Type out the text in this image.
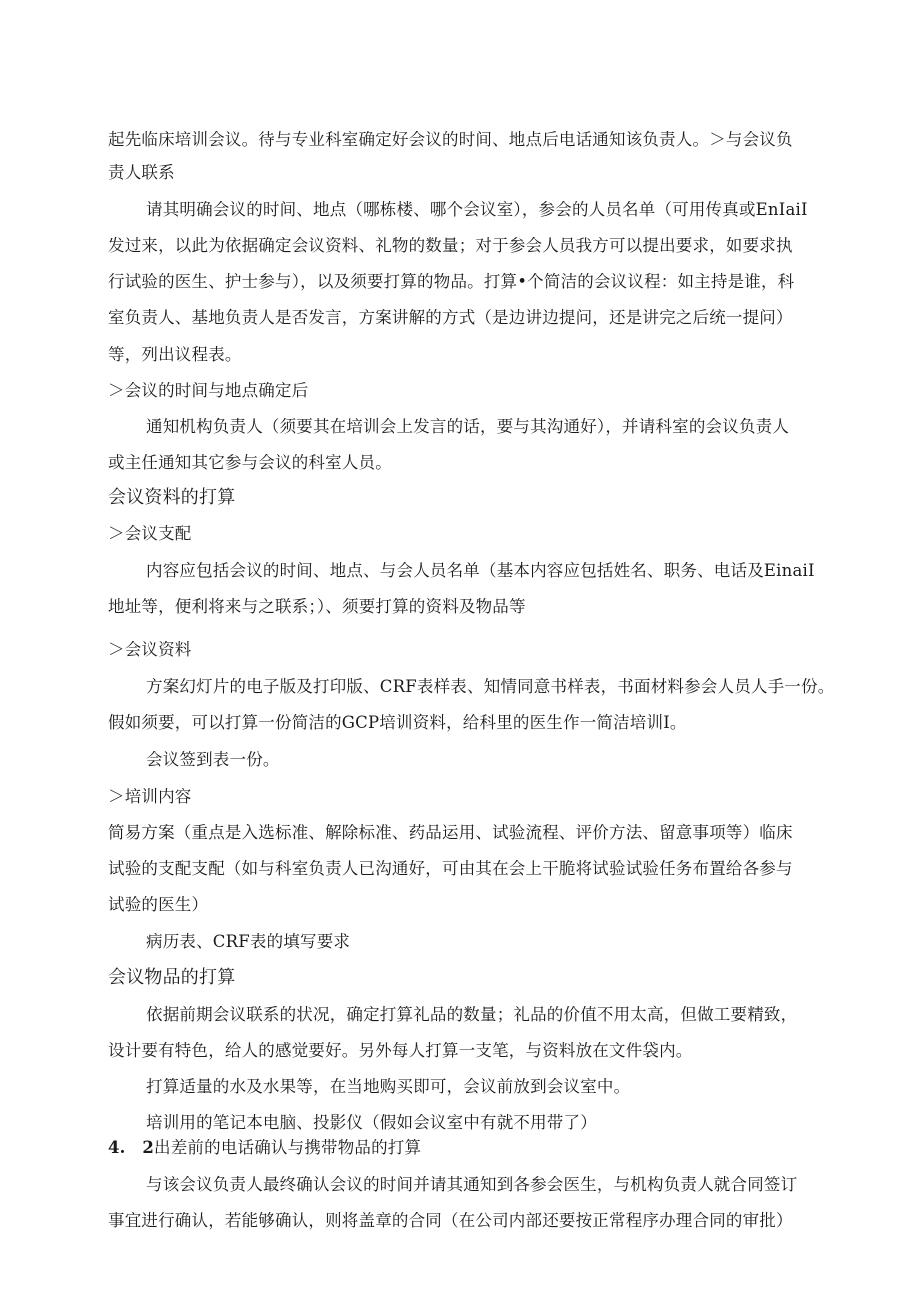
起先临床培训会议。待与专业科室确定好会议的时间、地点后电话通知该负责人。＞与会议负
责人联系
请其明确会议的时间、地点（哪栋楼、哪个会议室），参会的人员名单（可用传真或EnIaiI
发过来，以此为依据确定会议资料、礼物的数量；对于参会人员我方可以提出要求，如要求执
行试验的医生、护士参与），以及须要打算的物品。打算•个简洁的会议议程：如主持是谁，科
室负责人、基地负责人是否发言，方案讲解的方式（是边讲边提问，还是讲完之后统一提问）
等，列出议程表。
＞会议的时间与地点确定后
通知机构负责人（须要其在培训会上发言的话，要与其沟通好），并请科室的会议负责人
或主任通知其它参与会议的科室人员。
会议资料的打算
＞会议支配
内容应包括会议的时间、地点、与会人员名单（基本内容应包括姓名、职务、电话及EinaiI
地址等，便利将来与之联系；）、须要打算的资料及物品等
＞会议资料
方案幻灯片的电子版及打印版、CRF表样表、知情同意书样表，书面材料参会人员人手一份。
假如须要，可以打算一份简洁的GCP培训资料，给科里的医生作一简洁培训I。
会议签到表一份。
＞培训内容
简易方案（重点是入选标准、解除标准、药品运用、试验流程、评价方法、留意事项等）临床
试验的支配支配（如与科室负责人已沟通好，可由其在会上干脆将试验试验任务布置给各参与
试验的医生）
病历表、CRF表的填写要求
会议物品的打算
依据前期会议联系的状况，确定打算礼品的数量；礼品的价值不用太高，但做工要精致，
设计要有特色，给人的感觉要好。另外每人打算一支笔，与资料放在文件袋内。
打算适量的水及水果等，在当地购买即可，会议前放到会议室中。
培训用的笔记本电脑、投影仪（假如会议室中有就不用带了）
4.　2出差前的电话确认与携带物品的打算
与该会议负责人最终确认会议的时间并请其通知到各参会医生，与机构负责人就合同签订
事宜进行确认，若能够确认，则将盖章的合同（在公司内部还要按正常程序办理合同的审批）
